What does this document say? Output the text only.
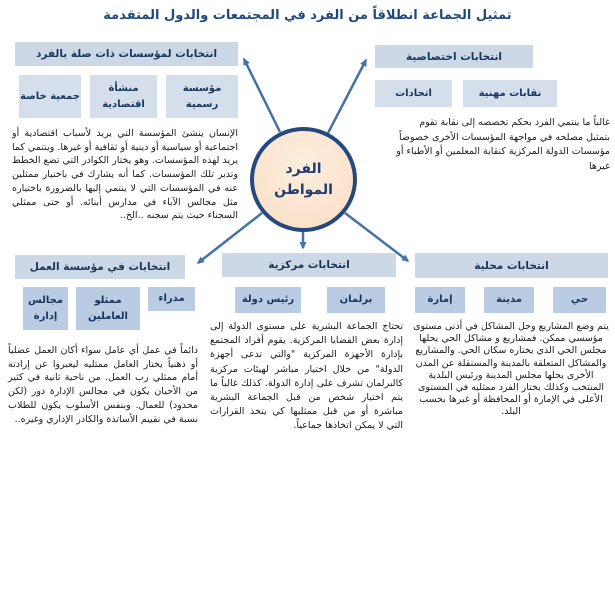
تمثيل الجماعة انطلاقاً من الفرد في المجتمعات والدول المتقدمة
الفرد
المواطن
انتخابات لمؤسسات ذات صلة بالفرد
مؤسسة رسمية
منشأة اقتصادية
جمعية خاصة
الإنسان ينشئ المؤسسة التي يريد لأسباب اقتصادية أو اجتماعية أو سياسية أو دينية أو ثقافية أو غيرها. وينتمي كما يريد لهذه المؤسسات. وهو يختار الكوادر التي تضع الخطط وتدير تلك المؤسسات. كما أنه يشارك في باختيار ممثلين عنه في المؤسسات التي لا ينتمي إليها بالضرورة باختياره مثل مجالس الآباء في مدارس أبنائه. أو حتى ممثلي السجناء حيث يتم سجنه ..الخ..
انتخابات اختصاصية
نقابات مهنية
اتحادات
غالباً ما ينتمي الفرد بحكم تخصصه إلى نقابة تقوم بتمثيل مصلحه في مواجهة المؤسسات الأخرى خصوصاً مؤسسات الدولة المركزية كنقابة المعلمين أو الأطباء أو غيرها
انتخابات في مؤسسة العمل
مدراء
ممثلو العاملين
مجالس إدارة
دائماً في عمل أي عامل سواء أكان العمل عضلياً أو ذهنياً يختار العامل ممثليه ليعبروا عن إرادته أمام ممثلي رب العمل. من ناحية ثانية في كثير من الأحيان يكون في مجالس الإدارة دور (لكن محدود) للعمال. وبنفس الأسلوب يكون للطلاب نسبة في تقييم الأساتذة والكادر الإداري وغيره..
انتخابات مركزية
برلمان
رئيس دولة
تحتاج الجماعة البشرية على مستوى الدولة إلى إدارة بعض القضايا المركزية. يقوم أفراد المجتمع بإدارة الأجهزة المركزية "والتي تدعى أجهزة الدولة" من خلال اختيار مباشر لهيئات مركزية كالبرلمان تشرف على إدارة الدولة. كذلك غالباً ما يتم اختيار شخص من قبل الجماعة البشرية مباشرة أو من قبل ممثليها كي يتخذ القرارات التي لا يمكن اتخاذها جماعياً.
انتخابات محلية
حي
مدينة
إمارة
يتم وضع المشاريع وحل المشاكل في أدنى مستوى مؤسسي ممكن. فمشاريع و مشاكل الحي يحلها مجلس الحي الذي يختاره سكان الحي. والمشاريع والمشاكل المتعلقة بالمدينة والمستقلة عن المدن الأخرى يحلها مجلس المدينة ورئيس البلدية المنتخب وكذلك يختار الفرد ممثليه في المستوى الأعلى في الإمارة أو المحافظة أو غيرها بحسب البلد.
